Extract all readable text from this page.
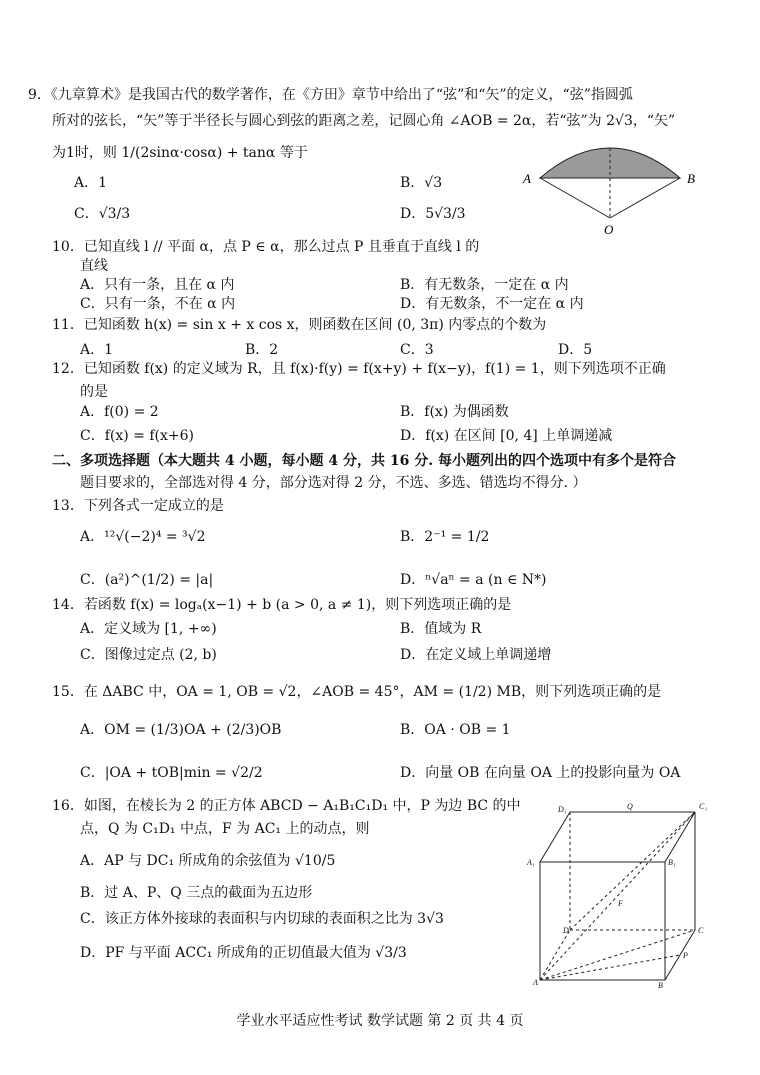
9．《九章算术》是我国古代的数学著作，在《方田》章节中给出了“弦”和“矢”的定义，“弦”指圆弧
所对的弦长，“矢”等于半径长与圆心到弦的距离之差，记圆心角 ∠AOB = 2α，若“弦”为 2√3，“矢”
为1时，则 1/(2sinα·cosα) + tanα 等于
A．1	B．√3
C．√3/3	D．5√3/3
A	B
O
10．已知直线 l // 平面 α，点 P ∈ α，那么过点 P 且垂直于直线 l 的
直线
A．只有一条，且在 α 内	B．有无数条，一定在 α 内
C．只有一条，不在 α 内	D．有无数条，不一定在 α 内
11．已知函数 h(x) = sin x + x cos x，则函数在区间 (0, 3π) 内零点的个数为
A．1	B．2	C．3	D．5
12．已知函数 f(x) 的定义域为 R，且 f(x)·f(y) = f(x+y) + f(x−y)，f(1) = 1，则下列选项不正确
的是
A．f(0) = 2	B．f(x) 为偶函数
C．f(x) = f(x+6)	D．f(x) 在区间 [0, 4] 上单调递减
二、多项选择题（本大题共 4 小题，每小题 4 分，共 16 分. 每小题列出的四个选项中有多个是符合
题目要求的，全部选对得 4 分，部分选对得 2 分，不选、多选、错选均不得分. ）
13．下列各式一定成立的是
A．¹²√(−2)⁴ = ³√2	B．2⁻¹ = 1/2
C．(a²)^(1/2) = |a|	D．ⁿ√aⁿ = a (n ∈ N*)
14．若函数 f(x) = logₐ(x−1) + b (a > 0, a ≠ 1)，则下列选项正确的是
A．定义域为 [1, +∞)	B．值域为 R
C．图像过定点 (2, b)	D．在定义域上单调递增
15．在 ΔABC 中，OA = 1, OB = √2，∠AOB = 45°，AM = (1/2) MB，则下列选项正确的是
A．OM = (1/3)OA + (2/3)OB	B．OA · OB = 1
C．|OA + tOB|min = √2/2	D．向量 OB 在向量 OA 上的投影向量为 OA
16．如图，在棱长为 2 的正方体 ABCD − A₁B₁C₁D₁ 中，P 为边 BC 的中
点，Q 为 C₁D₁ 中点，F 为 AC₁ 上的动点，则
A．AP 与 DC₁ 所成角的余弦值为 √10/5
B．过 A、P、Q 三点的截面为五边形
C．该正方体外接球的表面积与内切球的表面积之比为 3√3
D．PF 与平面 ACC₁ 所成角的正切值最大值为 √3/3
D₁	Q	C₁
A₁	B₁
F
D	C
P
A	B
学业水平适应性考试 数学试题 第 2 页 共 4 页
